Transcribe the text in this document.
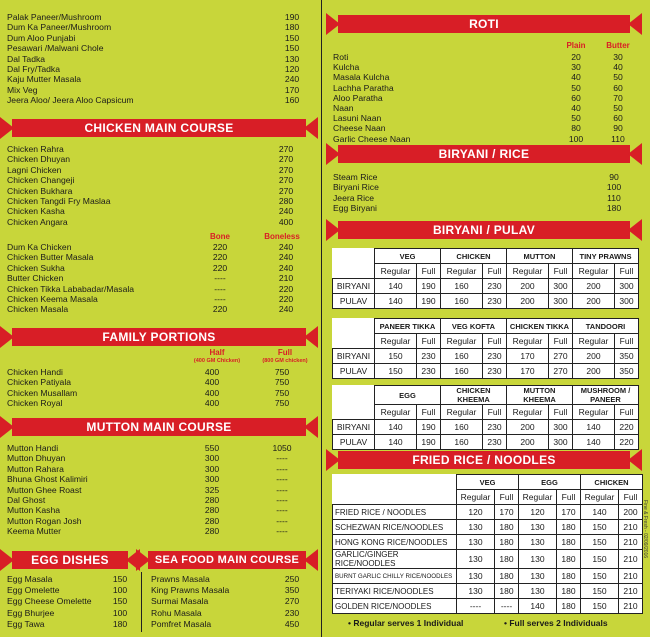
Palak Paneer/Mushroom	190
Dum Ka Paneer/Mushroom	180
Dum Aloo Punjabi	150
Pesawari /Malwani Chole	150
Dal Tadka	130
Dal Fry/Tadka	120
Kaju Mutter Masala	240
Mix Veg	170
Jeera Aloo/ Jeera Aloo Capsicum	160
CHICKEN MAIN COURSE
Chicken Rahra	270
Chicken Dhuyan	270
Lagni Chicken	270
Chicken Changeji	270
Chicken Bukhara	270
Chicken Tangdi Fry Maslaa	280
Chicken Kasha	240
Chicken Angara	400
Bone	Boneless
Dum Ka Chicken	220	240
Chicken Butter Masala	220	240
Chicken Sukha	220	240
Butter Chicken	----	210
Chicken Tikka Lababadar/Masala	----	220
Chicken Keema Masala	----	220
Chicken Masala	220	240
FAMILY PORTIONS
Half
(400 GM Chicken)
Full
(800 GM chicken)
Chicken Handi	400	750
Chicken Patiyala	400	750
Chicken Musallam	400	750
Chicken Royal	400	750
MUTTON MAIN COURSE
Mutton Handi	550	1050
Mutton Dhuyan	300	----
Mutton Rahara	300	----
Bhuna Ghost Kalimiri	300	----
Mutton Ghee Roast	325	----
Dal Ghost	280	----
Mutton Kasha	280	----
Mutton Rogan Josh	280	----
Keema Mutter	280	----
EGG DISHES	SEA FOOD MAIN COURSE
Egg Masala	150
Egg Omelette	100
Egg Cheese Omelette	150
Egg Bhurjee	100
Egg Tawa	180
Prawns Masala	250
King Prawns Masala	350
Surmai Masala	270
Rohu Masala	230
Pomfret Masala	450
ROTI
Plain	Butter
Roti	20	30
Kulcha	30	40
Masala Kulcha	40	50
Lachha Paratha	50	60
Aloo Paratha	60	70
Naan	40	50
Lasuni Naan	50	60
Cheese Naan	80	90
Garlic Cheese Naan	100	110
BIRYANI / RICE
Steam Rice	90
Biryani Rice	100
Jeera Rice	110
Egg Biryani	180
BIRYANI / PULAV
	VEG		CHICKEN		MUTTON		TINY PRAWNS	
	Regular	Full	Regular	Full	Regular	Full	Regular	Full
BIRYANI	140	190	160	230	200	300	200	300
PULAV	140	190	160	230	200	300	200	300
	PANEER TIKKA		VEG KOFTA		CHICKEN TIKKA		TANDOORI	
	Regular	Full	Regular	Full	Regular	Full	Regular	Full
BIRYANI	150	230	160	230	170	270	200	350
PULAV	150	230	160	230	170	270	200	350
	EGG		CHICKEN KHEEMA		MUTTON KHEEMA		MUSHROOM / PANEER	
	Regular	Full	Regular	Full	Regular	Full	Regular	Full
BIRYANI	140	190	160	230	200	300	140	220
PULAV	140	190	160	230	200	300	140	220
FRIED RICE / NOODLES
	VEG		EGG		CHICKEN	
	Regular	Full	Regular	Full	Regular	Full
FRIED RICE / NOODLES	120	170	120	170	140	200
SCHEZWAN RICE/NOODLES	130	180	130	180	150	210
HONG KONG RICE/NOODLES	130	180	130	180	150	210
GARLIC/GINGER RICE/NOODLES	130	180	130	180	150	210
BURNT GARLIC CHILLY RICE/NOODLES	130	180	130	180	150	210
TERIYAKI RICE/NOODLES	130	180	130	180	150	210
GOLDEN RICE/NOODLES	----	----	140	180	150	210
• Regular serves 1 Individual	• Full serves 2 Individuals
Fine & Fresh - 02/09/2016
